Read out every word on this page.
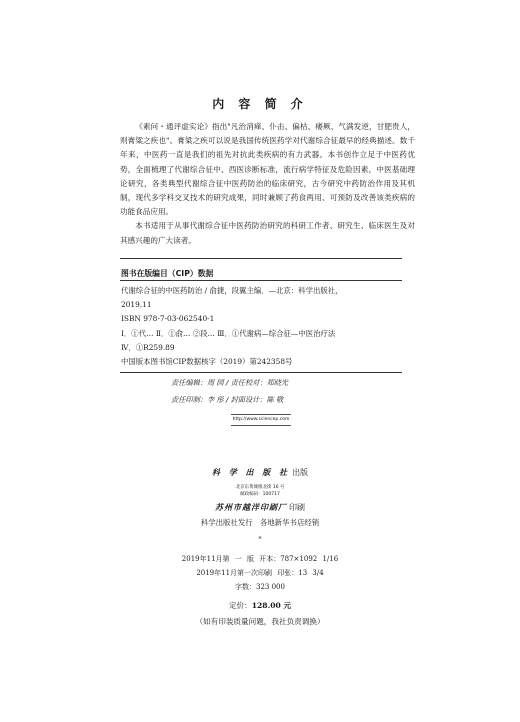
内 容 简 介

《素问・通评虚实论》指出"凡治消瘅、仆击、偏枯、痿厥、气满发逆，甘肥贵人，则膏粱之疾也"。膏粱之疾可以说是我国传统医药学对代谢综合征最早的经典描述。数千年来，中医药一直是我们的祖先对抗此类疾病的有力武器。本书创作立足于中医药优势，全面梳理了代谢综合征中、西医诊断标准，流行病学特征及危险因素，中医基础理论研究，各类典型代谢综合征中医药防治的临床研究，古今研究中药防治作用及其机制，现代多学科交叉技术的研究成果，同时兼顾了药食两用、可预防及改善该类疾病的功能食品应用。

本书适用于从事代谢综合征中医药防治研究的科研工作者、研究生、临床医生及对其感兴趣的广大读者。

图书在版编目（CIP）数据
代谢综合征的中医药防治 / 俞捷，段翼主编．—北京：科学出版社，
2019.11
ISBN 978-7-03-062540-1
Ⅰ．①代… Ⅱ．①俞… ②段… Ⅲ．①代谢病—综合征—中医治疗法
Ⅳ．①R259.89
中国版本图书馆CIP数据核字（2019）第242358号
责任编辑：周 园 / 责任校对：郑晓光
责任印制：李 彤 / 封面设计：陈 敬
http://www.sciencep.com
科 学 出 版 社 出版
北京东黄城根北街 16 号
邮政编码：100717
苏州市越洋印刷厂 印刷
科学出版社发行　各地新华书店经销
*
2019年11月第 一 版 开本：787×1092 1/16
2019年11月第一次印刷 印张：13 3/4
字数：323 000
定价：128.00 元
（如有印装质量问题，我社负责调换）
